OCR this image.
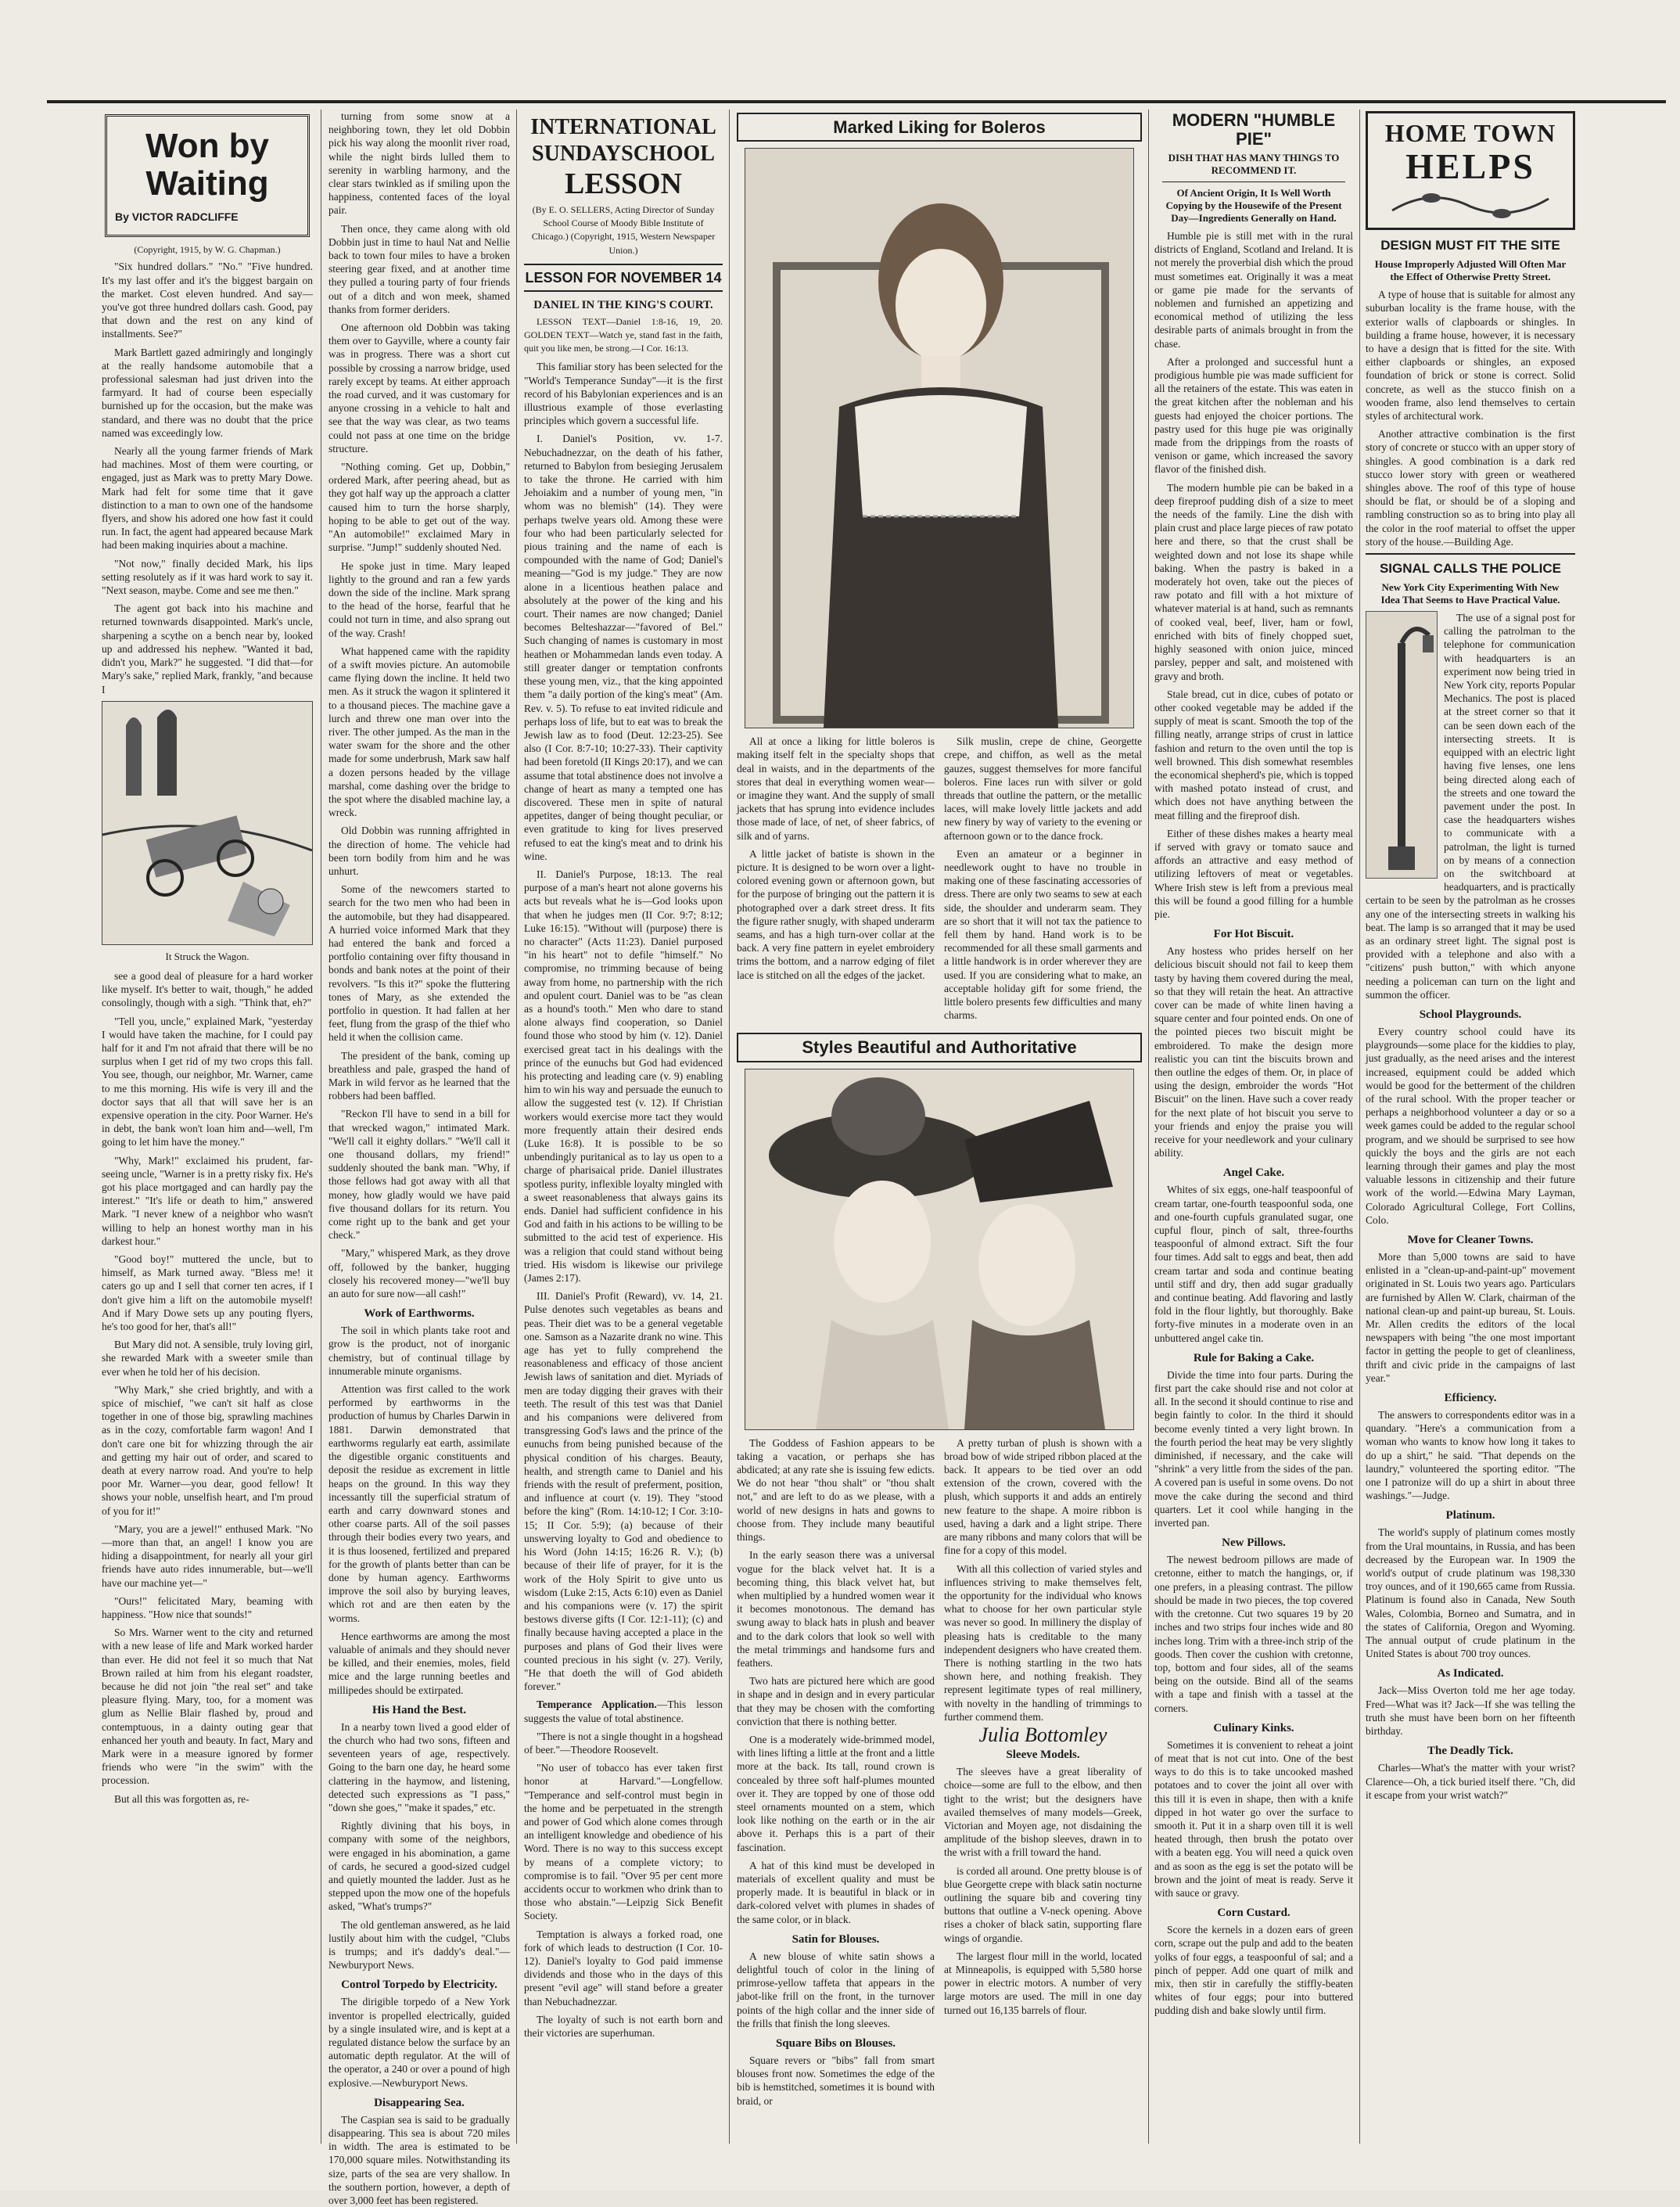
Won by Waiting
By VICTOR RADCLIFFE
(Copyright, 1915, by W. G. Chapman.)

"Six hundred dollars." "No." "Five hundred. It's my last offer and it's the biggest bargain on the market. Cost eleven hundred. And say—you've got three hundred dollars cash. Good, pay that down and the rest on any kind of installments. See?"

Mark Bartlett gazed admiringly and longingly at the really handsome automobile that a professional salesman had just driven into the farmyard. It had of course been especially burnished up for the occasion, but the make was standard, and there was no doubt that the price named was exceedingly low.

Nearly all the young farmer friends of Mark had machines. Most of them were courting, or engaged, just as Mark was to pretty Mary Dowe. Mark had felt for some time that it gave distinction to a man to own one of the handsome flyers, and show his adored one how fast it could run. In fact, the agent had appeared because Mark had been making inquiries about a machine.

"Not now," finally decided Mark, his lips setting resolutely as if it was hard work to say it. "Next season, maybe. Come and see me then."

The agent got back into his machine and returned townwards disappointed. Mark's uncle, sharpening a scythe on a bench near by, looked up and addressed his nephew. "Wanted it bad, didn't you, Mark?" he suggested. "I did that—for Mary's sake," replied Mark, frankly, "and because I

It Struck the Wagon.

see a good deal of pleasure for a hard worker like myself. It's better to wait, though," he added consolingly, though with a sigh. "Think that, eh?"

"Tell you, uncle," explained Mark, "yesterday I would have taken the machine, for I could pay half for it and I'm not afraid that there will be no surplus when I get rid of my two crops this fall. You see, though, our neighbor, Mr. Warner, came to me this morning. His wife is very ill and the doctor says that all that will save her is an expensive operation in the city. Poor Warner. He's in debt, the bank won't loan him and—well, I'm going to let him have the money."

"Why, Mark!" exclaimed his prudent, far-seeing uncle, "Warner is in a pretty risky fix. He's got his place mortgaged and can hardly pay the interest." "It's life or death to him," answered Mark. "I never knew of a neighbor who wasn't willing to help an honest worthy man in his darkest hour."

"Good boy!" muttered the uncle, but to himself, as Mark turned away. "Bless me! it caters go up and I sell that corner ten acres, if I don't give him a lift on the automobile myself! And if Mary Dowe sets up any pouting flyers, he's too good for her, that's all!"

But Mary did not. A sensible, truly loving girl, she rewarded Mark with a sweeter smile than ever when he told her of his decision.

"Why Mark," she cried brightly, and with a spice of mischief, "we can't sit half as close together in one of those big, sprawling machines as in the cozy, comfortable farm wagon! And I don't care one bit for whizzing through the air and getting my hair out of order, and scared to death at every narrow road. And you're to help poor Mr. Warner—you dear, good fellow! It shows your noble, unselfish heart, and I'm proud of you for it!"

"Mary, you are a jewel!" enthused Mark. "No—more than that, an angel! I know you are hiding a disappointment, for nearly all your girl friends have auto rides innumerable, but—we'll have our machine yet—"

"Ours!" felicitated Mary, beaming with happiness. "How nice that sounds!"

So Mrs. Warner went to the city and returned with a new lease of life and Mark worked harder than ever. He did not feel it so much that Nat Brown railed at him from his elegant roadster, because he did not join "the real set" and take pleasure flying. Mary, too, for a moment was glum as Nellie Blair flashed by, proud and contemptuous, in a dainty outing gear that enhanced her youth and beauty. In fact, Mary and Mark were in a measure ignored by former friends who were "in the swim" with the procession.

But all this was forgotten as, re-

turning from some snow at a neighboring town, they let old Dobbin pick his way along the moonlit river road, while the night birds lulled them to serenity in warbling harmony, and the clear stars twinkled as if smiling upon the happiness, contented faces of the loyal pair.

Then once, they came along with old Dobbin just in time to haul Nat and Nellie back to town four miles to have a broken steering gear fixed, and at another time they pulled a touring party of four friends out of a ditch and won meek, shamed thanks from former deriders.

One afternoon old Dobbin was taking them over to Gayville, where a county fair was in progress. There was a short cut possible by crossing a narrow bridge, used rarely except by teams. At either approach the road curved, and it was customary for anyone crossing in a vehicle to halt and see that the way was clear, as two teams could not pass at one time on the bridge structure.

"Nothing coming. Get up, Dobbin," ordered Mark, after peering ahead, but as they got half way up the approach a clatter caused him to turn the horse sharply, hoping to be able to get out of the way. "An automobile!" exclaimed Mary in surprise. "Jump!" suddenly shouted Ned.

He spoke just in time. Mary leaped lightly to the ground and ran a few yards down the side of the incline. Mark sprang to the head of the horse, fearful that he could not turn in time, and also sprang out of the way. Crash!

What happened came with the rapidity of a swift movies picture. An automobile came flying down the incline. It held two men. As it struck the wagon it splintered it to a thousand pieces. The machine gave a lurch and threw one man over into the river. The other jumped. As the man in the water swam for the shore and the other made for some underbrush, Mark saw half a dozen persons headed by the village marshal, come dashing over the bridge to the spot where the disabled machine lay, a wreck.

Old Dobbin was running affrighted in the direction of home. The vehicle had been torn bodily from him and he was unhurt.

Some of the newcomers started to search for the two men who had been in the automobile, but they had disappeared. A hurried voice informed Mark that they had entered the bank and forced a portfolio containing over fifty thousand in bonds and bank notes at the point of their revolvers. "Is this it?" spoke the fluttering tones of Mary, as she extended the portfolio in question. It had fallen at her feet, flung from the grasp of the thief who held it when the collision came.

The president of the bank, coming up breathless and pale, grasped the hand of Mark in wild fervor as he learned that the robbers had been baffled.

"Reckon I'll have to send in a bill for that wrecked wagon," intimated Mark. "We'll call it eighty dollars." "We'll call it one thousand dollars, my friend!" suddenly shouted the bank man. "Why, if those fellows had got away with all that money, how gladly would we have paid five thousand dollars for its return. You come right up to the bank and get your check."

"Mary," whispered Mark, as they drove off, followed by the banker, hugging closely his recovered money—"we'll buy an auto for sure now—all cash!"

Work of Earthworms.

The soil in which plants take root and grow is the product, not of inorganic chemistry, but of continual tillage by innumerable minute organisms.

Attention was first called to the work performed by earthworms in the production of humus by Charles Darwin in 1881. Darwin demonstrated that earthworms regularly eat earth, assimilate the digestible organic constituents and deposit the residue as excrement in little heaps on the ground. In this way they incessantly till the superficial stratum of earth and carry downward stones and other coarse parts. All of the soil passes through their bodies every two years, and it is thus loosened, fertilized and prepared for the growth of plants better than can be done by human agency. Earthworms improve the soil also by burying leaves, which rot and are then eaten by the worms.

Hence earthworms are among the most valuable of animals and they should never be killed, and their enemies, moles, field mice and the large running beetles and millipedes should be extirpated.

His Hand the Best.

In a nearby town lived a good elder of the church who had two sons, fifteen and seventeen years of age, respectively. Going to the barn one day, he heard some clattering in the haymow, and listening, detected such expressions as "I pass," "down she goes," "make it spades," etc.

Rightly divining that his boys, in company with some of the neighbors, were engaged in his abomination, a game of cards, he secured a good-sized cudgel and quietly mounted the ladder. Just as he stepped upon the mow one of the hopefuls asked, "What's trumps?"

The old gentleman answered, as he laid lustily about him with the cudgel, "Clubs is trumps; and it's daddy's deal."—Newburyport News.

Control Torpedo by Electricity.

The dirigible torpedo of a New York inventor is propelled electrically, guided by a single insulated wire, and is kept at a regulated distance below the surface by an automatic depth regulator. At the will of the operator, a 240 or over a pound of high explosive.—Newburyport News.

Disappearing Sea.

The Caspian sea is said to be gradually disappearing. This sea is about 720 miles in width. The area is estimated to be 170,000 square miles. Notwithstanding its size, parts of the sea are very shallow. In the southern portion, however, a depth of over 3,000 feet has been registered.

INTERNATIONAL
SUNDAYSCHOOL
LESSON
(By E. O. SELLERS, Acting Director of Sunday School Course of Moody Bible Institute of Chicago.) (Copyright, 1915, Western Newspaper Union.)
LESSON FOR NOVEMBER 14
DANIEL IN THE KING'S COURT.

LESSON TEXT—Daniel 1:8-16, 19, 20. GOLDEN TEXT—Watch ye, stand fast in the faith, quit you like men, be strong.—I Cor. 16:13.

This familiar story has been selected for the "World's Temperance Sunday"—it is the first record of his Babylonian experiences and is an illustrious example of those everlasting principles which govern a successful life.

I. Daniel's Position, vv. 1-7. Nebuchadnezzar, on the death of his father, returned to Babylon from besieging Jerusalem to take the throne. He carried with him Jehoiakim and a number of young men, "in whom was no blemish" (14). They were perhaps twelve years old. Among these were four who had been particularly selected for pious training and the name of each is compounded with the name of God; Daniel's meaning—"God is my judge." They are now alone in a licentious heathen palace and absolutely at the power of the king and his court. Their names are now changed; Daniel becomes Belteshazzar—"favored of Bel." Such changing of names is customary in most heathen or Mohammedan lands even today. A still greater danger or temptation confronts these young men, viz., that the king appointed them "a daily portion of the king's meat" (Am. Rev. v. 5). To refuse to eat invited ridicule and perhaps loss of life, but to eat was to break the Jewish law as to food (Deut. 12:23-25). See also (I Cor. 8:7-10; 10:27-33). Their captivity had been foretold (II Kings 20:17), and we can assume that total abstinence does not involve a change of heart as many a tempted one has discovered. These men in spite of natural appetites, danger of being thought peculiar, or even gratitude to king for lives preserved refused to eat the king's meat and to drink his wine.

II. Daniel's Purpose, 18:13. The real purpose of a man's heart not alone governs his acts but reveals what he is—God looks upon that when he judges men (II Cor. 9:7; 8:12; Luke 16:15). "Without will (purpose) there is no character" (Acts 11:23). Daniel purposed "in his heart" not to defile "himself." No compromise, no trimming because of being away from home, no partnership with the rich and opulent court. Daniel was to be "as clean as a hound's tooth." Men who dare to stand alone always find cooperation, so Daniel found those who stood by him (v. 12). Daniel exercised great tact in his dealings with the prince of the eunuchs but God had evidenced his protecting and leading care (v. 9) enabling him to win his way and persuade the eunuch to allow the suggested test (v. 12). If Christian workers would exercise more tact they would more frequently attain their desired ends (Luke 16:8). It is possible to be so unbendingly puritanical as to lay us open to a charge of pharisaical pride. Daniel illustrates spotless purity, inflexible loyalty mingled with a sweet reasonableness that always gains its ends. Daniel had sufficient confidence in his God and faith in his actions to be willing to be submitted to the acid test of experience. His was a religion that could stand without being tried. His wisdom is likewise our privilege (James 2:17).

III. Daniel's Profit (Reward), vv. 14, 21. Pulse denotes such vegetables as beans and peas. Their diet was to be a general vegetable one. Samson as a Nazarite drank no wine. This age has yet to fully comprehend the reasonableness and efficacy of those ancient Jewish laws of sanitation and diet. Myriads of men are today digging their graves with their teeth. The result of this test was that Daniel and his companions were delivered from transgressing God's laws and the prince of the eunuchs from being punished because of the physical condition of his charges. Beauty, health, and strength came to Daniel and his friends with the result of preferment, position, and influence at court (v. 19). They "stood before the king" (Rom. 14:10-12; I Cor. 3:10-15; II Cor. 5:9); (a) because of their unswerving loyalty to God and obedience to his Word (John 14:15; 16:26 R. V.); (b) because of their life of prayer, for it is the work of the Holy Spirit to give unto us wisdom (Luke 2:15, Acts 6:10) even as Daniel and his companions were (v. 17) the spirit bestows diverse gifts (I Cor. 12:1-11); (c) and finally because having accepted a place in the purposes and plans of God their lives were counted precious in his sight (v. 27). Verily, "He that doeth the will of God abideth forever."

Temperance Application.—This lesson suggests the value of total abstinence.

"There is not a single thought in a hogshead of beer."—Theodore Roosevelt.

"No user of tobacco has ever taken first honor at Harvard."—Longfellow. "Temperance and self-control must begin in the home and be perpetuated in the strength and power of God which alone comes through an intelligent knowledge and obedience of his Word. There is no way to this success except by means of a complete victory; to compromise is to fail. "Over 95 per cent more accidents occur to workmen who drink than to those who abstain."—Leipzig Sick Benefit Society.

Temptation is always a forked road, one fork of which leads to destruction (I Cor. 10-12). Daniel's loyalty to God paid immense dividends and those who in the days of this present "evil age" will stand before a greater than Nebuchadnezzar.

The loyalty of such is not earth born and their victories are superhuman.

Marked Liking for Boleros

All at once a liking for little boleros is making itself felt in the specialty shops that deal in waists, and in the departments of the stores that deal in everything women wear—or imagine they want. And the supply of small jackets that has sprung into evidence includes those made of lace, of net, of sheer fabrics, of silk and of yarns.

A little jacket of batiste is shown in the picture. It is designed to be worn over a light-colored evening gown or afternoon gown, but for the purpose of bringing out the pattern it is photographed over a dark street dress. It fits the figure rather snugly, with shaped underarm seams, and has a high turn-over collar at the back. A very fine pattern in eyelet embroidery trims the bottom, and a narrow edging of filet lace is stitched on all the edges of the jacket.

Silk muslin, crepe de chine, Georgette crepe, and chiffon, as well as the metal gauzes, suggest themselves for more fanciful boleros. Fine laces run with silver or gold threads that outline the pattern, or the metallic laces, will make lovely little jackets and add new finery by way of variety to the evening or afternoon gown or to the dance frock.

Even an amateur or a beginner in needlework ought to have no trouble in making one of these fascinating accessories of dress. There are only two seams to sew at each side, the shoulder and underarm seam. They are so short that it will not tax the patience to fell them by hand. Hand work is to be recommended for all these small garments and a little handwork is in order wherever they are used. If you are considering what to make, an acceptable holiday gift for some friend, the little bolero presents few difficulties and many charms.

Styles Beautiful and Authoritative

The Goddess of Fashion appears to be taking a vacation, or perhaps she has abdicated; at any rate she is issuing few edicts. We do not hear "thou shalt" or "thou shalt not," and are left to do as we please, with a world of new designs in hats and gowns to choose from. They include many beautiful things.

In the early season there was a universal vogue for the black velvet hat. It is a becoming thing, this black velvet hat, but when multiplied by a hundred women wear it it becomes monotonous. The demand has swung away to black hats in plush and beaver and to the dark colors that look so well with the metal trimmings and handsome furs and feathers.

Two hats are pictured here which are good in shape and in design and in every particular that they may be chosen with the comforting conviction that there is nothing better.

One is a moderately wide-brimmed model, with lines lifting a little at the front and a little more at the back. Its tall, round crown is concealed by three soft half-plumes mounted over it. They are topped by one of those odd steel ornaments mounted on a stem, which look like nothing on the earth or in the air above it. Perhaps this is a part of their fascination.

A hat of this kind must be developed in materials of excellent quality and must be properly made. It is beautiful in black or in dark-colored velvet with plumes in shades of the same color, or in black.

Satin for Blouses.

A new blouse of white satin shows a delightful touch of color in the lining of primrose-yellow taffeta that appears in the jabot-like frill on the front, in the turnover points of the high collar and the inner side of the frills that finish the long sleeves.

Square Bibs on Blouses.

Square revers or "bibs" fall from smart blouses front now. Sometimes the edge of the bib is hemstitched, sometimes it is bound with braid, or

A pretty turban of plush is shown with a broad bow of wide striped ribbon placed at the back. It appears to be tied over an odd extension of the crown, covered with the plush, which supports it and adds an entirely new feature to the shape. A moire ribbon is used, having a dark and a light stripe. There are many ribbons and many colors that will be fine for a copy of this model.

With all this collection of varied styles and influences striving to make themselves felt, the opportunity for the individual who knows what to choose for her own particular style was never so good. In millinery the display of pleasing hats is creditable to the many independent designers who have created them. There is nothing startling in the two hats shown here, and nothing freakish. They represent legitimate types of real millinery, with novelty in the handling of trimmings to further commend them.

Julia Bottomley
Sleeve Models.

The sleeves have a great liberality of choice—some are full to the elbow, and then tight to the wrist; but the designers have availed themselves of many models—Greek, Victorian and Moyen age, not disdaining the amplitude of the bishop sleeves, drawn in to the wrist with a frill toward the hand.

is corded all around. One pretty blouse is of blue Georgette crepe with black satin nocturne outlining the square bib and covering tiny buttons that outline a V-neck opening. Above rises a choker of black satin, supporting flare wings of organdie.

The largest flour mill in the world, located at Minneapolis, is equipped with 5,580 horse power in electric motors. A number of very large motors are used. The mill in one day turned out 16,135 barrels of flour.

MODERN "HUMBLE PIE"
DISH THAT HAS MANY THINGS TO RECOMMEND IT.
Of Ancient Origin, It Is Well Worth Copying by the Housewife of the Present Day—Ingredients Generally on Hand.

Humble pie is still met with in the rural districts of England, Scotland and Ireland. It is not merely the proverbial dish which the proud must sometimes eat. Originally it was a meat or game pie made for the servants of noblemen and furnished an appetizing and economical method of utilizing the less desirable parts of animals brought in from the chase.

After a prolonged and successful hunt a prodigious humble pie was made sufficient for all the retainers of the estate. This was eaten in the great kitchen after the nobleman and his guests had enjoyed the choicer portions. The pastry used for this huge pie was originally made from the drippings from the roasts of venison or game, which increased the savory flavor of the finished dish.

The modern humble pie can be baked in a deep fireproof pudding dish of a size to meet the needs of the family. Line the dish with plain crust and place large pieces of raw potato here and there, so that the crust shall be weighted down and not lose its shape while baking. When the pastry is baked in a moderately hot oven, take out the pieces of raw potato and fill with a hot mixture of whatever material is at hand, such as remnants of cooked veal, beef, liver, ham or fowl, enriched with bits of finely chopped suet, highly seasoned with onion juice, minced parsley, pepper and salt, and moistened with gravy and broth.

Stale bread, cut in dice, cubes of potato or other cooked vegetable may be added if the supply of meat is scant. Smooth the top of the filling neatly, arrange strips of crust in lattice fashion and return to the oven until the top is well browned. This dish somewhat resembles the economical shepherd's pie, which is topped with mashed potato instead of crust, and which does not have anything between the meat filling and the fireproof dish.

Either of these dishes makes a hearty meal if served with gravy or tomato sauce and affords an attractive and easy method of utilizing leftovers of meat or vegetables. Where Irish stew is left from a previous meal this will be found a good filling for a humble pie.

For Hot Biscuit.

Any hostess who prides herself on her delicious biscuit should not fail to keep them tasty by having them covered during the meal, so that they will retain the heat. An attractive cover can be made of white linen having a square center and four pointed ends. On one of the pointed pieces two biscuit might be embroidered. To make the design more realistic you can tint the biscuits brown and then outline the edges of them. Or, in place of using the design, embroider the words "Hot Biscuit" on the linen. Have such a cover ready for the next plate of hot biscuit you serve to your friends and enjoy the praise you will receive for your needlework and your culinary ability.

Angel Cake.

Whites of six eggs, one-half teaspoonful of cream tartar, one-fourth teaspoonful soda, one and one-fourth cupfuls granulated sugar, one cupful flour, pinch of salt, three-fourths teaspoonful of almond extract. Sift the four four times. Add salt to eggs and beat, then add cream tartar and soda and continue beating until stiff and dry, then add sugar gradually and continue beating. Add flavoring and lastly fold in the flour lightly, but thoroughly. Bake forty-five minutes in a moderate oven in an unbuttered angel cake tin.

Rule for Baking a Cake.

Divide the time into four parts. During the first part the cake should rise and not color at all. In the second it should continue to rise and begin faintly to color. In the third it should become evenly tinted a very light brown. In the fourth period the heat may be very slightly diminished, if necessary, and the cake will "shrink" a very little from the sides of the pan. A covered pan is useful in some ovens. Do not move the cake during the second and third quarters. Let it cool while hanging in the inverted pan.

New Pillows.

The newest bedroom pillows are made of cretonne, either to match the hangings, or, if one prefers, in a pleasing contrast. The pillow should be made in two pieces, the top covered with the cretonne. Cut two squares 19 by 20 inches and two strips four inches wide and 80 inches long. Trim with a three-inch strip of the goods. Then cover the cushion with cretonne, top, bottom and four sides, all of the seams being on the outside. Bind all of the seams with a tape and finish with a tassel at the corners.

Culinary Kinks.

Sometimes it is convenient to reheat a joint of meat that is not cut into. One of the best ways to do this is to take uncooked mashed potatoes and to cover the joint all over with this till it is even in shape, then with a knife dipped in hot water go over the surface to smooth it. Put it in a sharp oven till it is well heated through, then brush the potato over with a beaten egg. You will need a quick oven and as soon as the egg is set the potato will be brown and the joint of meat is ready. Serve it with sauce or gravy.

Corn Custard.

Score the kernels in a dozen ears of green corn, scrape out the pulp and add to the beaten yolks of four eggs, a teaspoonful of sal; and a pinch of pepper. Add one quart of milk and mix, then stir in carefully the stiffly-beaten whites of four eggs; pour into buttered pudding dish and bake slowly until firm.

HOME TOWN
HELPS
DESIGN MUST FIT THE SITE
House Improperly Adjusted Will Often Mar the Effect of Otherwise Pretty Street.

A type of house that is suitable for almost any suburban locality is the frame house, with the exterior walls of clapboards or shingles. In building a frame house, however, it is necessary to have a design that is fitted for the site. With either clapboards or shingles, an exposed foundation of brick or stone is correct. Solid concrete, as well as the stucco finish on a wooden frame, also lend themselves to certain styles of architectural work.

Another attractive combination is the first story of concrete or stucco with an upper story of shingles. A good combination is a dark red stucco lower story with green or weathered shingles above. The roof of this type of house should be flat, or should be of a sloping and rambling construction so as to bring into play all the color in the roof material to offset the upper story of the house.—Building Age.

SIGNAL CALLS THE POLICE
New York City Experimenting With New Idea That Seems to Have Practical Value.

The use of a signal post for calling the patrolman to the telephone for communication with headquarters is an experiment now being tried in New York city, reports Popular Mechanics. The post is placed at the street corner so that it can be seen down each of the intersecting streets. It is equipped with an electric light having five lenses, one lens being directed along each of the streets and one toward the pavement under the post. In case the headquarters wishes to communicate with a patrolman, the light is turned on by means of a connection on the switchboard at headquarters, and is practically certain to be seen by the patrolman as he crosses any one of the intersecting streets in walking his beat. The lamp is so arranged that it may be used as an ordinary street light. The signal post is provided with a telephone and also with a "citizens' push button," with which anyone needing a policeman can turn on the light and summon the officer.

School Playgrounds.

Every country school could have its playgrounds—some place for the kiddies to play, just gradually, as the need arises and the interest increased, equipment could be added which would be good for the betterment of the children of the rural school. With the proper teacher or perhaps a neighborhood volunteer a day or so a week games could be added to the regular school program, and we should be surprised to see how quickly the boys and the girls are not each learning through their games and play the most valuable lessons in citizenship and their future work of the world.—Edwina Mary Layman, Colorado Agricultural College, Fort Collins, Colo.

Move for Cleaner Towns.

More than 5,000 towns are said to have enlisted in a "clean-up-and-paint-up" movement originated in St. Louis two years ago. Particulars are furnished by Allen W. Clark, chairman of the national clean-up and paint-up bureau, St. Louis. Mr. Allen credits the editors of the local newspapers with being "the one most important factor in getting the people to get of cleanliness, thrift and civic pride in the campaigns of last year."

Efficiency.

The answers to correspondents editor was in a quandary. "Here's a communication from a woman who wants to know how long it takes to do up a shirt," he said. "That depends on the laundry," volunteered the sporting editor. "The one I patronize will do up a shirt in about three washings."—Judge.

Platinum.

The world's supply of platinum comes mostly from the Ural mountains, in Russia, and has been decreased by the European war. In 1909 the world's output of crude platinum was 198,330 troy ounces, and of it 190,665 came from Russia. Platinum is found also in Canada, New South Wales, Colombia, Borneo and Sumatra, and in the states of California, Oregon and Wyoming. The annual output of crude platinum in the United States is about 700 troy ounces.

As Indicated.

Jack—Miss Overton told me her age today. Fred—What was it? Jack—If she was telling the truth she must have been born on her fifteenth birthday.

The Deadly Tick.

Charles—What's the matter with your wrist? Clarence—Oh, a tick buried itself there. "Ch, did it escape from your wrist watch?"
